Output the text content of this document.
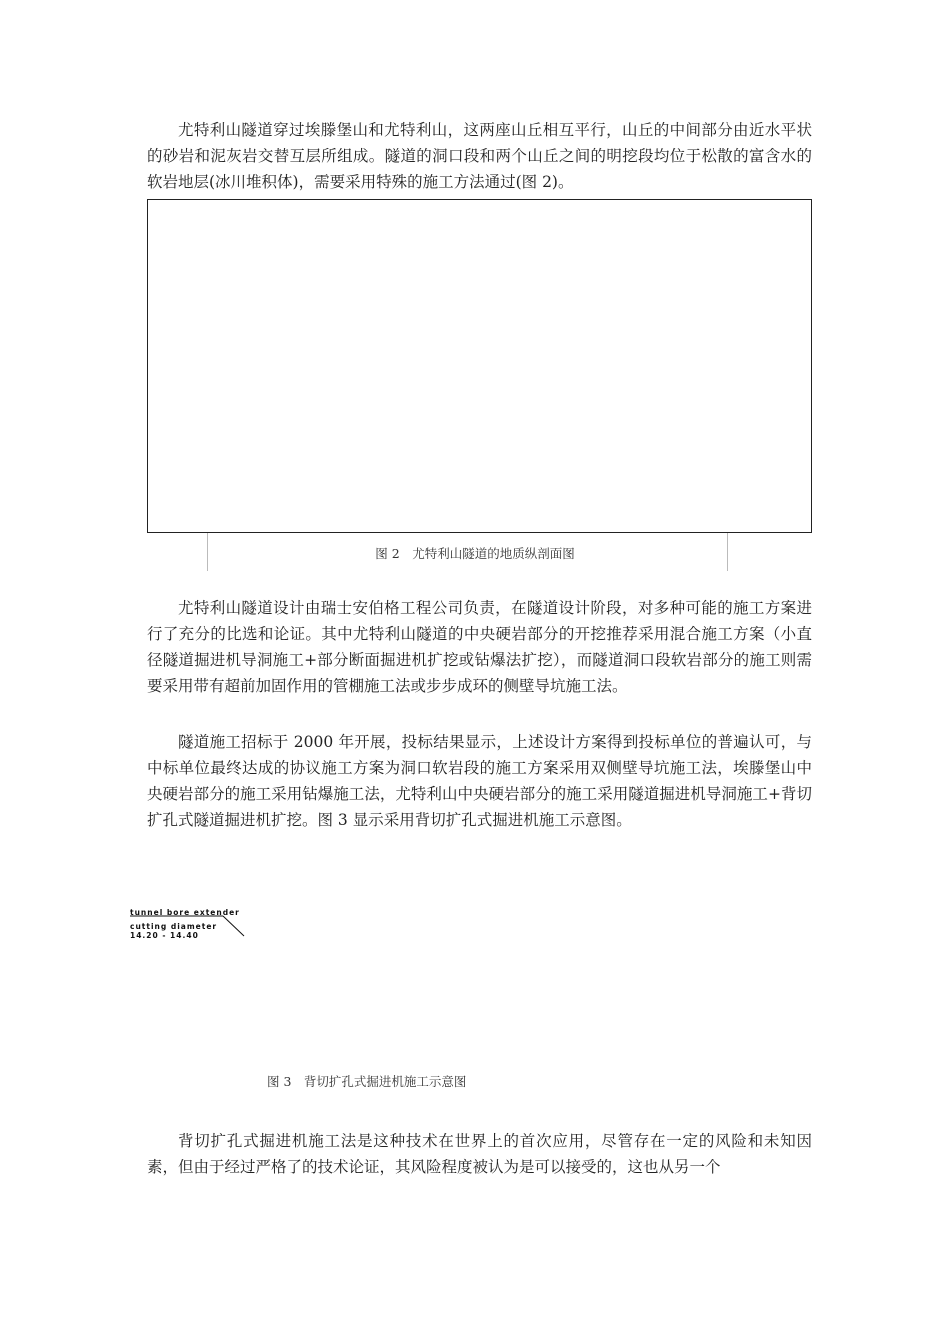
尤特利山隧道穿过埃滕堡山和尤特利山，这两座山丘相互平行，山丘的中间部分由近水平状的砂岩和泥灰岩交替互层所组成。隧道的洞口段和两个山丘之间的明挖段均位于松散的富含水的软岩地层(冰川堆积体)，需要采用特殊的施工方法通过(图 2)。

图 2　尤特利山隧道的地质纵剖面图

尤特利山隧道设计由瑞士安伯格工程公司负责，在隧道设计阶段，对多种可能的施工方案进行了充分的比选和论证。其中尤特利山隧道的中央硬岩部分的开挖推荐采用混合施工方案（小直径隧道掘进机导洞施工+部分断面掘进机扩挖或钻爆法扩挖），而隧道洞口段软岩部分的施工则需要采用带有超前加固作用的管棚施工法或步步成环的侧壁导坑施工法。

隧道施工招标于 2000 年开展，投标结果显示，上述设计方案得到投标单位的普遍认可，与中标单位最终达成的协议施工方案为洞口软岩段的施工方案采用双侧壁导坑施工法，埃滕堡山中央硬岩部分的施工采用钻爆施工法，尤特利山中央硬岩部分的施工采用隧道掘进机导洞施工+背切扩孔式隧道掘进机扩挖。图 3 显示采用背切扩孔式掘进机施工示意图。

tunnel bore extender
cutting diameter
14.20 - 14.40
图 3　背切扩孔式掘进机施工示意图

背切扩孔式掘进机施工法是这种技术在世界上的首次应用，尽管存在一定的风险和未知因素，但由于经过严格了的技术论证，其风险程度被认为是可以接受的，这也从另一个
